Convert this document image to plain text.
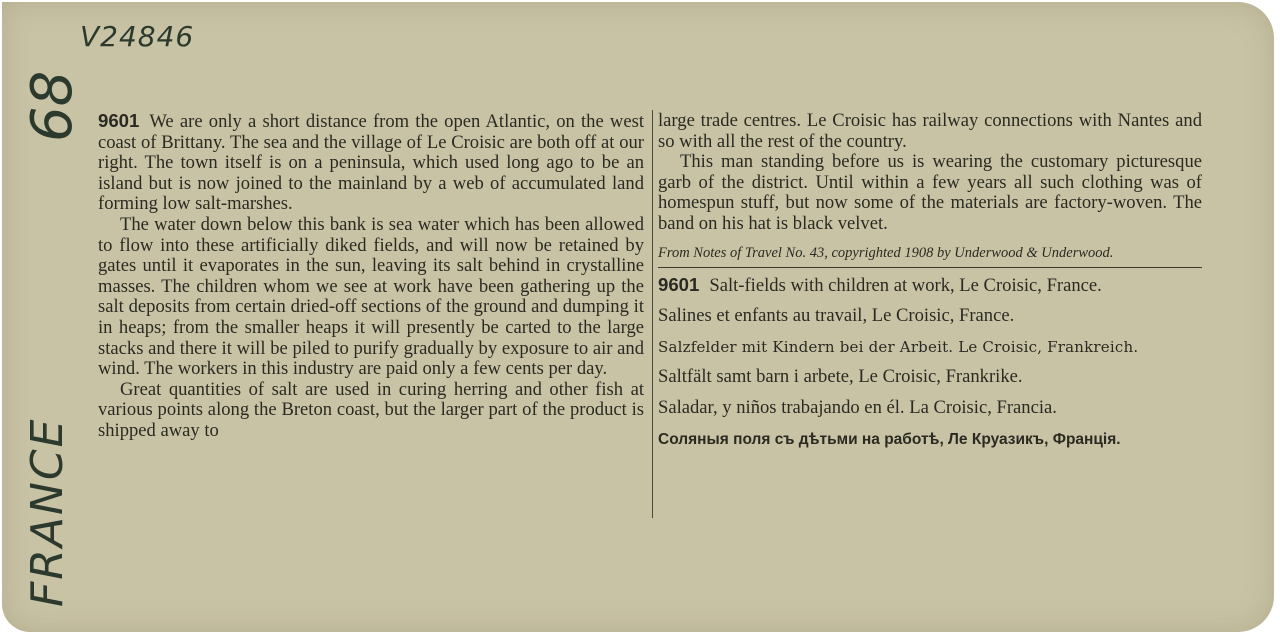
V24846
68
FRANCE

9601 We are only a short distance from the open Atlantic, on the west coast of Brittany. The sea and the village of Le Croisic are both off at our right. The town itself is on a peninsula, which used long ago to be an island but is now joined to the mainland by a web of accumulated land forming low salt-marshes.

The water down below this bank is sea water which has been allowed to flow into these artificially diked fields, and will now be retained by gates until it evaporates in the sun, leaving its salt behind in crystalline masses. The children whom we see at work have been gathering up the salt deposits from certain dried-off sections of the ground and dumping it in heaps; from the smaller heaps it will presently be carted to the large stacks and there it will be piled to purify gradually by exposure to air and wind. The workers in this industry are paid only a few cents per day.

Great quantities of salt are used in curing herring and other fish at various points along the Breton coast, but the larger part of the product is shipped away to

large trade centres. Le Croisic has railway connections with Nantes and so with all the rest of the country.

This man standing before us is wearing the customary picturesque garb of the district. Until within a few years all such clothing was of homespun stuff, but now some of the materials are factory-woven. The band on his hat is black velvet.

From Notes of Travel No. 43, copyrighted 1908 by Underwood & Underwood.
9601 Salt-fields with children at work, Le Croisic, France.
Salines et enfants au travail, Le Croisic, France.
Salzfelder mit Kindern bei der Arbeit. Le Croisic, Frankreich.
Saltfält samt barn i arbete, Le Croisic, Frankrike.
Saladar, y niños trabajando en él. La Croisic, Francia.
Соляныя поля съ дѣтьми на работѣ, Ле Круазикъ, Францiя.
